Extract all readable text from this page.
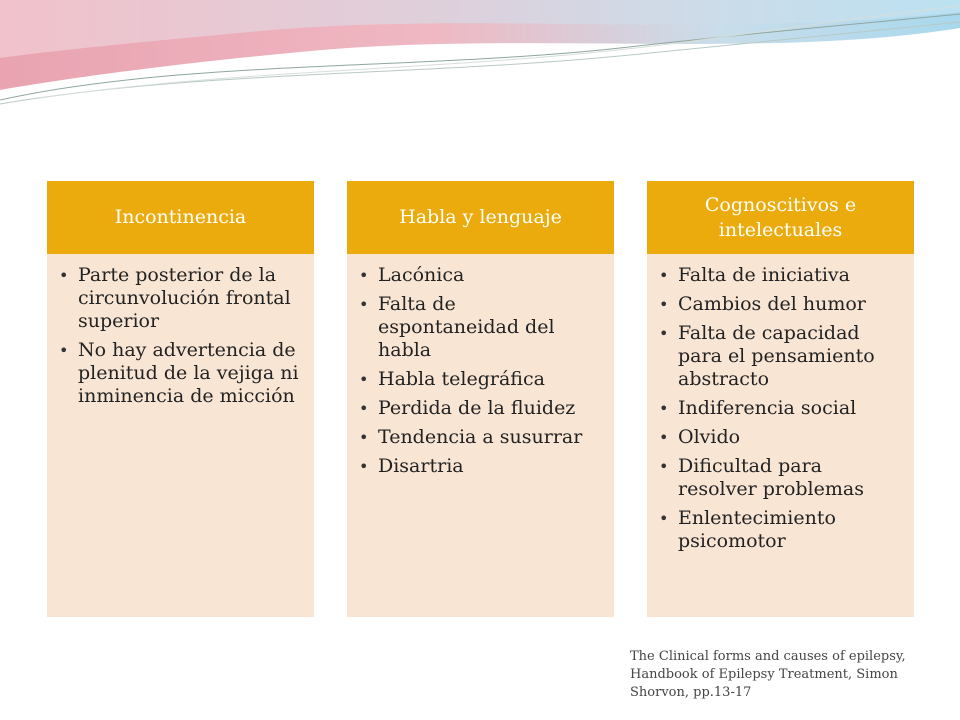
Incontinencia
• Parte posterior de la circunvolución frontal superior
• No hay advertencia de plenitud de la vejiga ni inminencia de micción
Habla y lenguaje
• Lacónica
• Falta de espontaneidad del habla
• Habla telegráfica
• Perdida de la fluidez
• Tendencia a susurrar
• Disartria
Cognoscitivos e intelectuales
• Falta de iniciativa
• Cambios del humor
• Falta de capacidad para el pensamiento abstracto
• Indiferencia social
• Olvido
• Dificultad para resolver problemas
• Enlentecimiento psicomotor
The Clinical forms and causes of epilepsy,
Handbook of Epilepsy Treatment, Simon
Shorvon, pp.13-17
